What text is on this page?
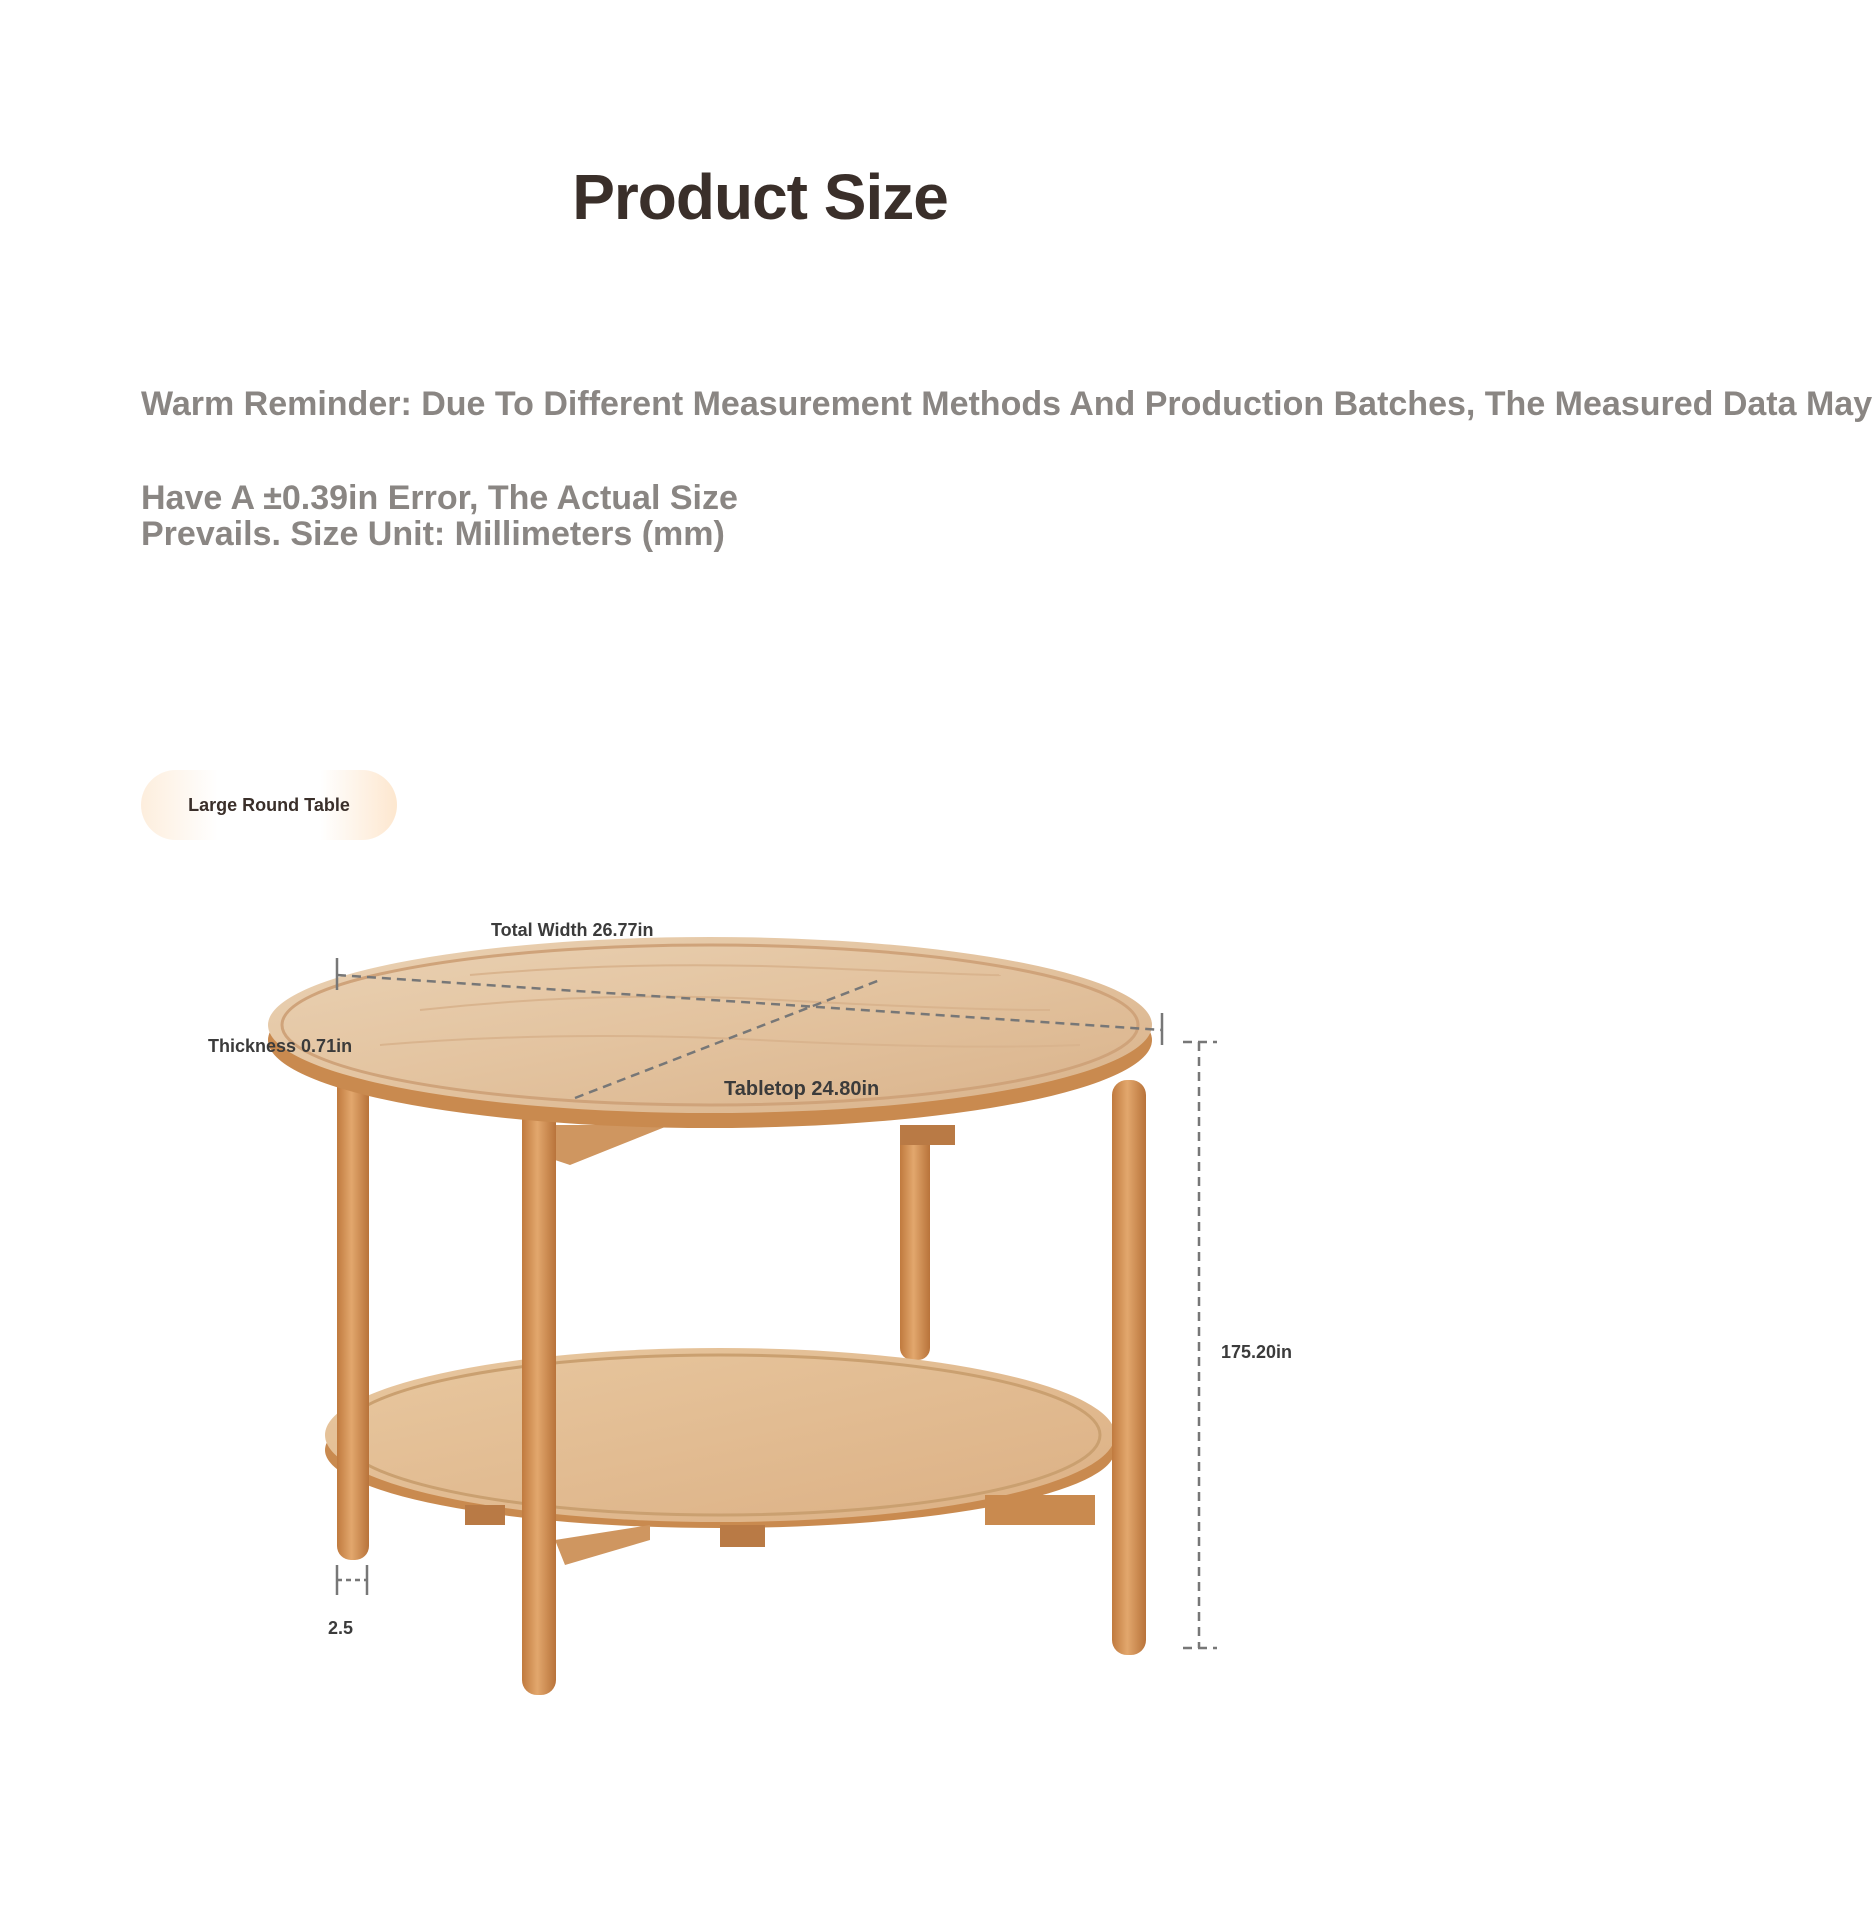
Product Size
Warm Reminder: Due To Different Measurement Methods And Production Batches, The Measured Data May
Have A ±0.39in Error, The Actual Size Prevails. Size Unit: Millimeters (mm)
Large Round Table
Total Width 26.77in
Thickness 0.71in
Tabletop 24.80in
175.20in
2.5
